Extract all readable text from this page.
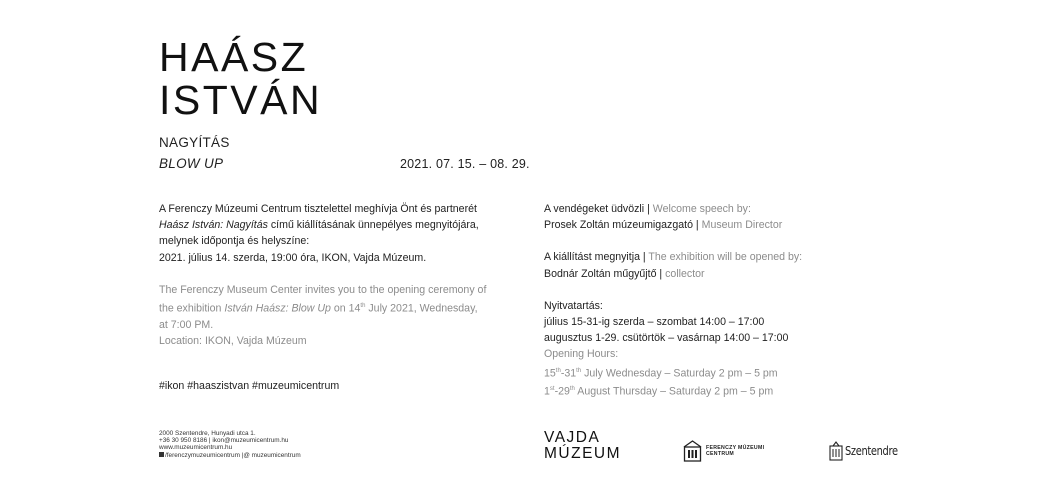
HAÁSZ
ISTVÁN
NAGYÍTÁS
BLOW UP	2021. 07. 15. – 08. 29.

A Ferenczy Múzeumi Centrum tisztelettel meghívja Önt és partnerét

Haász István: Nagyítás című kiállításának ünnepélyes megnyitójára,

melynek időpontja és helyszíne:

2021. július 14. szerda, 19:00 óra, IKON, Vajda Múzeum.

The Ferenczy Museum Center invites you to the opening ceremony of

the exhibition István Haász: Blow Up on 14th July 2021, Wednesday,

at 7:00 PM.

Location: IKON, Vajda Múzeum

#ikon #haaszistvan #muzeumicentrum

A vendégeket üdvözli | Welcome speech by:

Prosek Zoltán múzeumigazgató | Museum Director

A kiállítást megnyitja | The exhibition will be opened by:

Bodnár Zoltán műgyűjtő | collector

Nyitvatartás:

július 15-31-ig szerda – szombat 14:00 – 17:00

augusztus 1-29. csütörtök – vasárnap 14:00 – 17:00

Opening Hours:

15th-31th July Wednesday – Saturday 2 pm – 5 pm

1st-29th August Thursday – Saturday 2 pm – 5 pm

2000 Szentendre, Hunyadi utca 1.
+36 30 950 8186 | ikon@muzeumicentrum.hu
www.muzeumicentrum.hu
/ferenczymuzeumicentrum |@ muzeumicentrum
VAJDA
MÚZEUM	FERENCZY MÚZEUMI
CENTRUM	Szentendre
